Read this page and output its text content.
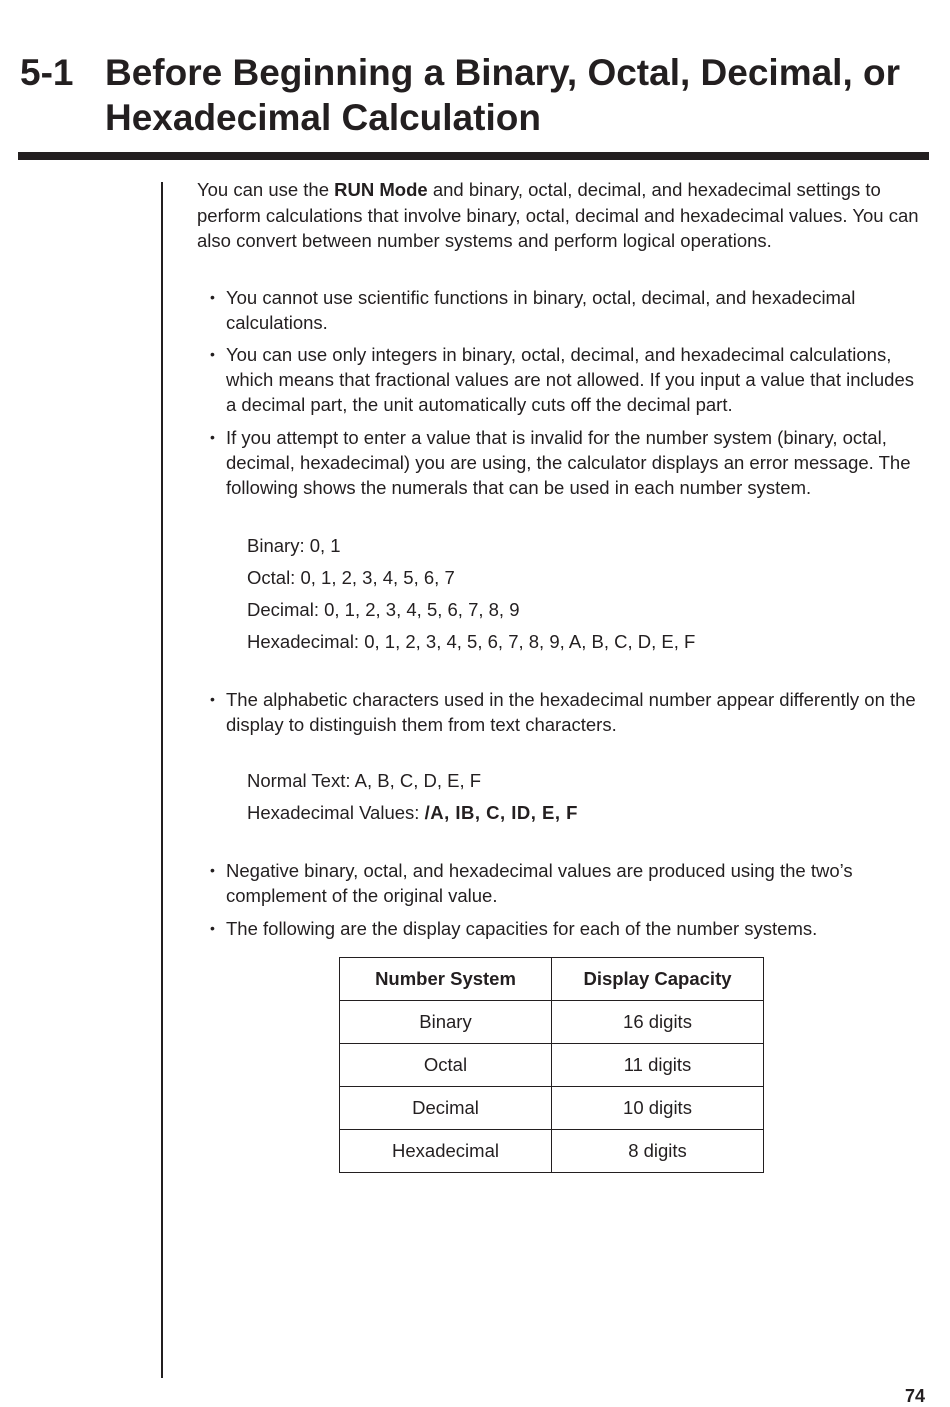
5-1 Before Beginning a Binary, Octal, Decimal, or Hexadecimal Calculation
You can use the RUN Mode and binary, octal, decimal, and hexadecimal settings to perform calculations that involve binary, octal, decimal and hexadecimal values. You can also convert between number systems and perform logical operations.
• You cannot use scientific functions in binary, octal, decimal, and hexadecimal calculations.
• You can use only integers in binary, octal, decimal, and hexadecimal calculations, which means that fractional values are not allowed. If you input a value that includes a decimal part, the unit automatically cuts off the decimal part.
• If you attempt to enter a value that is invalid for the number system (binary, octal, decimal, hexadecimal) you are using, the calculator displays an error message. The following shows the numerals that can be used in each number system.
Binary: 0, 1
Octal: 0, 1, 2, 3, 4, 5, 6, 7
Decimal: 0, 1, 2, 3, 4, 5, 6, 7, 8, 9
Hexadecimal: 0, 1, 2, 3, 4, 5, 6, 7, 8, 9, A, B, C, D, E, F
• The alphabetic characters used in the hexadecimal number appear differently on the display to distinguish them from text characters.
Normal Text: A, B, C, D, E, F
Hexadecimal Values: /A, IB, C, ID, E, F
• Negative binary, octal, and hexadecimal values are produced using the two’s complement of the original value.
• The following are the display capacities for each of the number systems.
Number System	Display Capacity
Binary	16 digits
Octal	11 digits
Decimal	10 digits
Hexadecimal	8 digits
74
